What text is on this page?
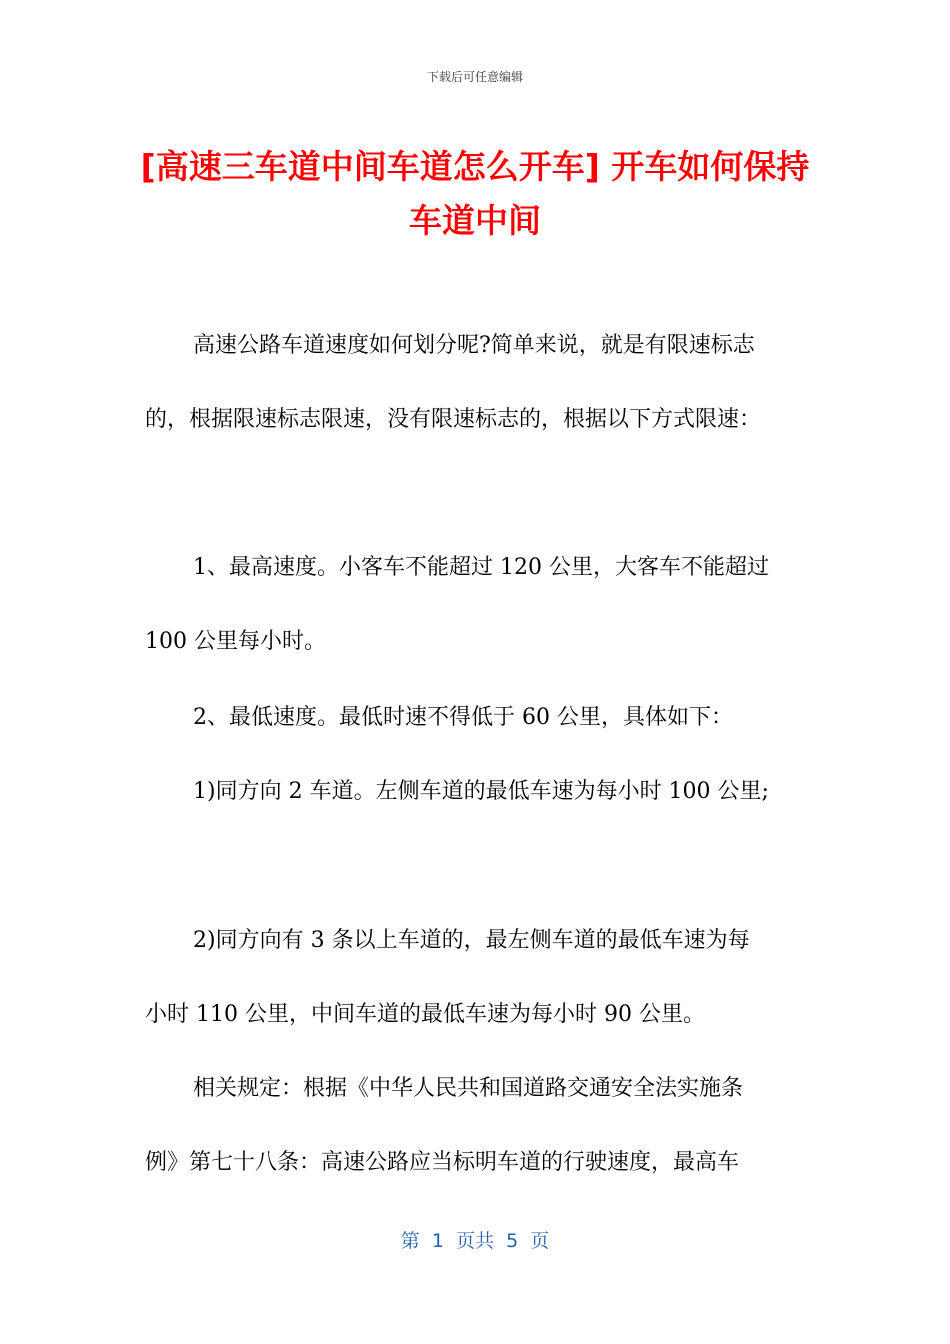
下载后可任意编辑
[高速三车道中间车道怎么开车] 开车如何保持车道中间
高速公路车道速度如何划分呢?简单来说，就是有限速标志
的，根据限速标志限速，没有限速标志的，根据以下方式限速：
1、最高速度。小客车不能超过 120 公里，大客车不能超过
100 公里每小时。
2、最低速度。最低时速不得低于 60 公里，具体如下：
1)同方向 2 车道。左侧车道的最低车速为每小时 100 公里;
2)同方向有 3 条以上车道的，最左侧车道的最低车速为每
小时 110 公里，中间车道的最低车速为每小时 90 公里。
相关规定：根据《中华人民共和国道路交通安全法实施条
例》第七十八条：高速公路应当标明车道的行驶速度，最高车
第  1  页共  5  页
